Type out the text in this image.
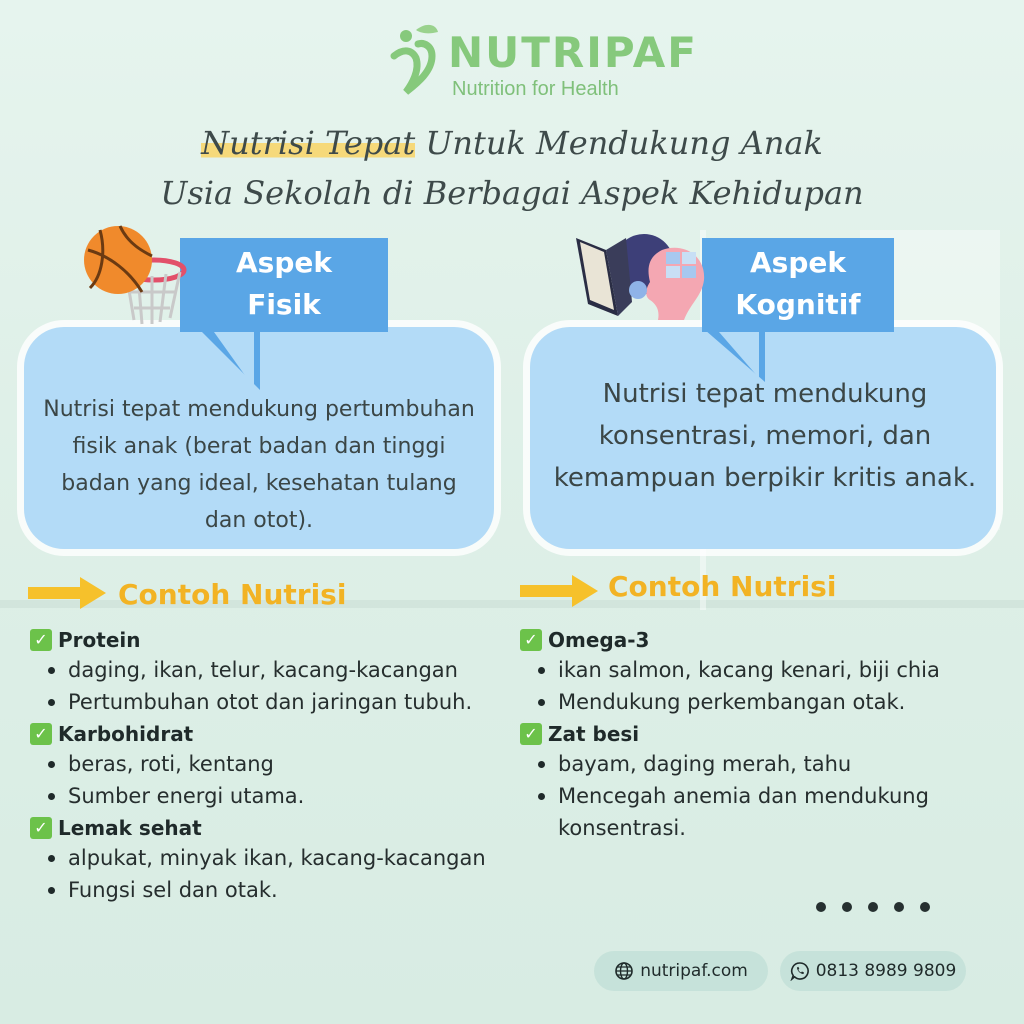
NUTRIPAF
Nutrition for Health
Nutrisi Tepat Untuk Mendukung Anak
Usia Sekolah di Berbagai Aspek Kehidupan
Nutrisi tepat mendukung pertumbuhan fisik anak (berat badan dan tinggi badan yang ideal, kesehatan tulang dan otot).
Aspek
Fisik
Nutrisi tepat mendukung konsentrasi, memori, dan kemampuan berpikir kritis anak.
Aspek
Kognitif
Contoh Nutrisi	Contoh Nutrisi
✓ Protein
daging, ikan, telur, kacang-kacangan
Pertumbuhan otot dan jaringan tubuh.
✓ Karbohidrat
beras, roti, kentang
Sumber energi utama.
✓ Lemak sehat
alpukat, minyak ikan, kacang-kacangan
Fungsi sel dan otak.
✓ Omega-3
ikan salmon, kacang kenari, biji chia
Mendukung perkembangan otak.
✓ Zat besi
bayam, daging merah, tahu
Mencegah anemia dan mendukung konsentrasi.
nutripaf.com	0813 8989 9809
